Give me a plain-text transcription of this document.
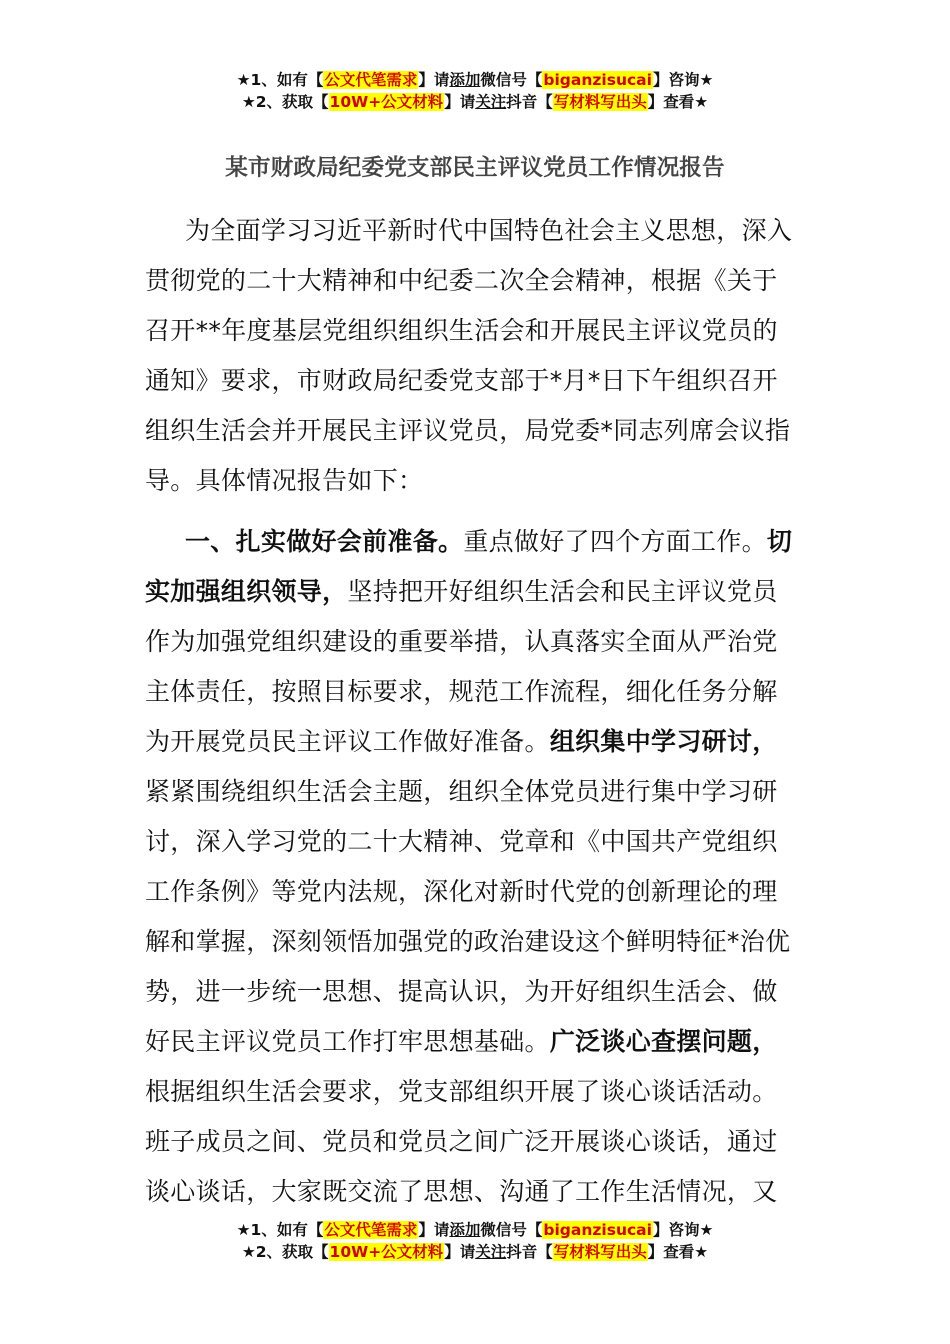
★1、如有【公文代笔需求】请添加微信号【biganzisucai】咨询★
★2、获取【10W+公文材料】请关注抖音【写材料写出头】查看★
某市财政局纪委党支部民主评议党员工作情况报告
为全面学习习近平新时代中国特色社会主义思想，深入
贯彻党的二十大精神和中纪委二次全会精神，根据《关于
召开**年度基层党组织组织生活会和开展民主评议党员的
通知》要求，市财政局纪委党支部于*月*日下午组织召开
组织生活会并开展民主评议党员，局党委*同志列席会议指
导。具体情况报告如下：
一、扎实做好会前准备。重点做好了四个方面工作。切
实加强组织领导，坚持把开好组织生活会和民主评议党员
作为加强党组织建设的重要举措，认真落实全面从严治党
主体责任，按照目标要求，规范工作流程，细化任务分解
为开展党员民主评议工作做好准备。组织集中学习研讨，
紧紧围绕组织生活会主题，组织全体党员进行集中学习研
讨，深入学习党的二十大精神、党章和《中国共产党组织
工作条例》等党内法规，深化对新时代党的创新理论的理
解和掌握，深刻领悟加强党的政治建设这个鲜明特征*治优
势，进一步统一思想、提高认识，为开好组织生活会、做
好民主评议党员工作打牢思想基础。广泛谈心查摆问题，
根据组织生活会要求，党支部组织开展了谈心谈话活动。
班子成员之间、党员和党员之间广泛开展谈心谈话，通过
谈心谈话，大家既交流了思想、沟通了工作生活情况，又
★1、如有【公文代笔需求】请添加微信号【biganzisucai】咨询★
★2、获取【10W+公文材料】请关注抖音【写材料写出头】查看★
